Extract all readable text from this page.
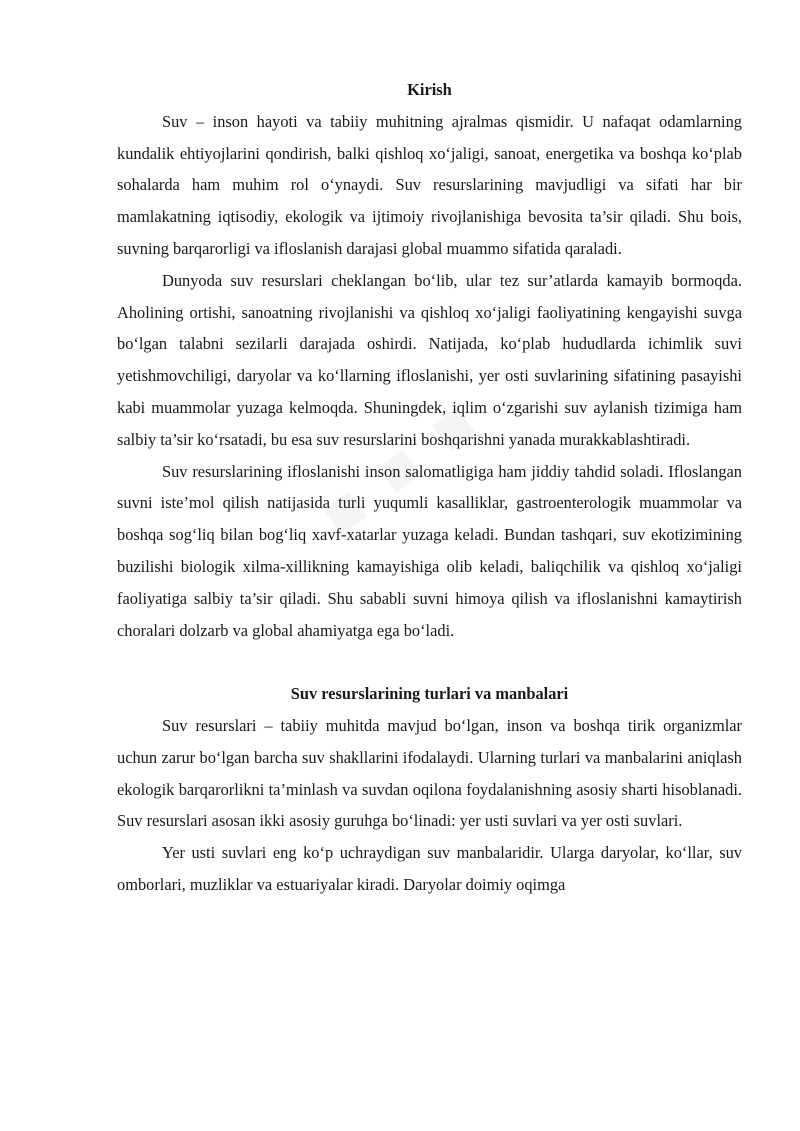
Kirish

Suv – inson hayoti va tabiiy muhitning ajralmas qismidir. U nafaqat odamlarning kundalik ehtiyojlarini qondirish, balki qishloq xo‘jaligi, sanoat, energetika va boshqa ko‘plab sohalarda ham muhim rol o‘ynaydi. Suv resurslarining mavjudligi va sifati har bir mamlakatning iqtisodiy, ekologik va ijtimoiy rivojlanishiga bevosita ta’sir qiladi. Shu bois, suvning barqarorligi va ifloslanish darajasi global muammo sifatida qaraladi.

Dunyoda suv resurslari cheklangan bo‘lib, ular tez sur’atlarda kamayib bormoqda. Aholining ortishi, sanoatning rivojlanishi va qishloq xo‘jaligi faoliyatining kengayishi suvga bo‘lgan talabni sezilarli darajada oshirdi. Natijada, ko‘plab hududlarda ichimlik suvi yetishmovchiligi, daryolar va ko‘llarning ifloslanishi, yer osti suvlarining sifatining pasayishi kabi muammolar yuzaga kelmoqda. Shuningdek, iqlim o‘zgarishi suv aylanish tizimiga ham salbiy ta’sir ko‘rsatadi, bu esa suv resurslarini boshqarishni yanada murakkablashtiradi.

Suv resurslarining ifloslanishi inson salomatligiga ham jiddiy tahdid soladi. Ifloslangan suvni iste’mol qilish natijasida turli yuqumli kasalliklar, gastroenterologik muammolar va boshqa sog‘liq bilan bog‘liq xavf-xatarlar yuzaga keladi. Bundan tashqari, suv ekotizimining buzilishi biologik xilma-xillikning kamayishiga olib keladi, baliqchilik va qishloq xo‘jaligi faoliyatiga salbiy ta’sir qiladi. Shu sababli suvni himoya qilish va ifloslanishni kamaytirish choralari dolzarb va global ahamiyatga ega bo‘ladi.

Suv resurslarining turlari va manbalari

Suv resurslari – tabiiy muhitda mavjud bo‘lgan, inson va boshqa tirik organizmlar uchun zarur bo‘lgan barcha suv shakllarini ifodalaydi. Ularning turlari va manbalarini aniqlash ekologik barqarorlikni ta’minlash va suvdan oqilona foydalanishning asosiy sharti hisoblanadi. Suv resurslari asosan ikki asosiy guruhga bo‘linadi: yer usti suvlari va yer osti suvlari.

Yer usti suvlari eng ko‘p uchraydigan suv manbalaridir. Ularga daryolar, ko‘llar, suv omborlari, muzliklar va estuariyalar kiradi. Daryolar doimiy oqimga
